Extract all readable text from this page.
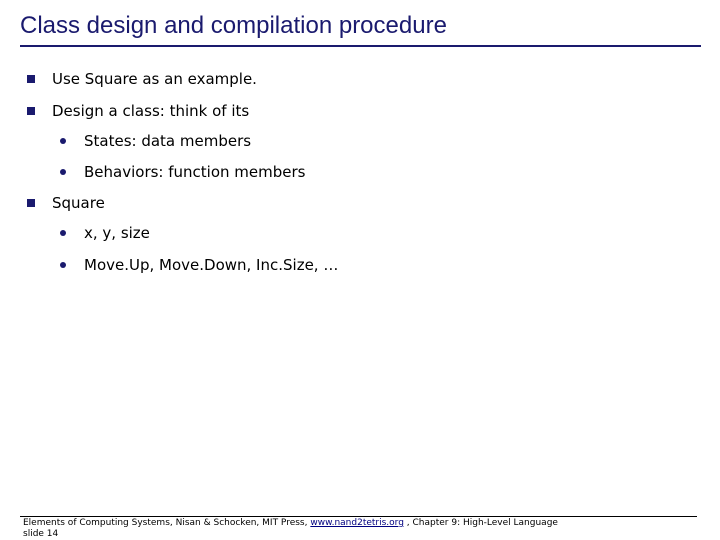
Class design and compilation procedure
Use Square as an example.
Design a class: think of its
States: data members
Behaviors: function members
Square
x, y, size
Move.Up, Move.Down, Inc.Size, …
Elements of Computing Systems, Nisan & Schocken, MIT Press, www.nand2tetris.org , Chapter 9: High-Level Language
slide 14
